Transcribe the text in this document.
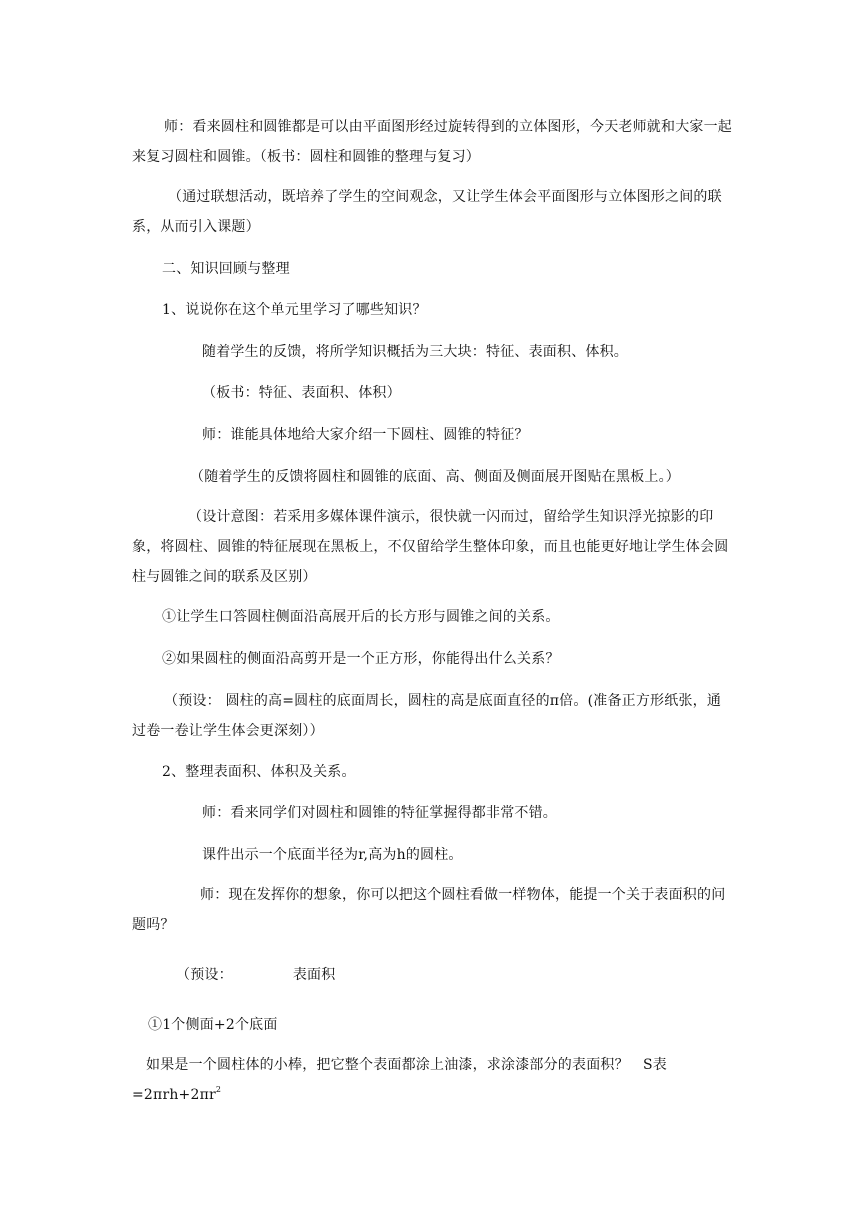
师：看来圆柱和圆锥都是可以由平面图形经过旋转得到的立体图形，今天老师就和大家一起来复习圆柱和圆锥。（板书：圆柱和圆锥的整理与复习）
（通过联想活动，既培养了学生的空间观念，又让学生体会平面图形与立体图形之间的联系，从而引入课题）
二、知识回顾与整理
1、说说你在这个单元里学习了哪些知识？
随着学生的反馈，将所学知识概括为三大块：特征、表面积、体积。
（板书：特征、表面积、体积）
师：谁能具体地给大家介绍一下圆柱、圆锥的特征？
（随着学生的反馈将圆柱和圆锥的底面、高、侧面及侧面展开图贴在黑板上。）
（设计意图：若采用多媒体课件演示，很快就一闪而过，留给学生知识浮光掠影的印象，将圆柱、圆锥的特征展现在黑板上，不仅留给学生整体印象，而且也能更好地让学生体会圆柱与圆锥之间的联系及区别）
①让学生口答圆柱侧面沿高展开后的长方形与圆锥之间的关系。
②如果圆柱的侧面沿高剪开是一个正方形，你能得出什么关系？
（预设： 圆柱的高=圆柱的底面周长，圆柱的高是底面直径的π倍。(准备正方形纸张，通过卷一卷让学生体会更深刻））
2、整理表面积、体积及关系。
师：看来同学们对圆柱和圆锥的特征掌握得都非常不错。
课件出示一个底面半径为r,高为h的圆柱。
师：现在发挥你的想象，你可以把这个圆柱看做一样物体，能提一个关于表面积的问题吗？
（预设：	表面积
①1个侧面+2个底面
如果是一个圆柱体的小棒，把它整个表面都涂上油漆，求涂漆部分的表面积？　S表$=2\pi rh+2\pi r^2$
